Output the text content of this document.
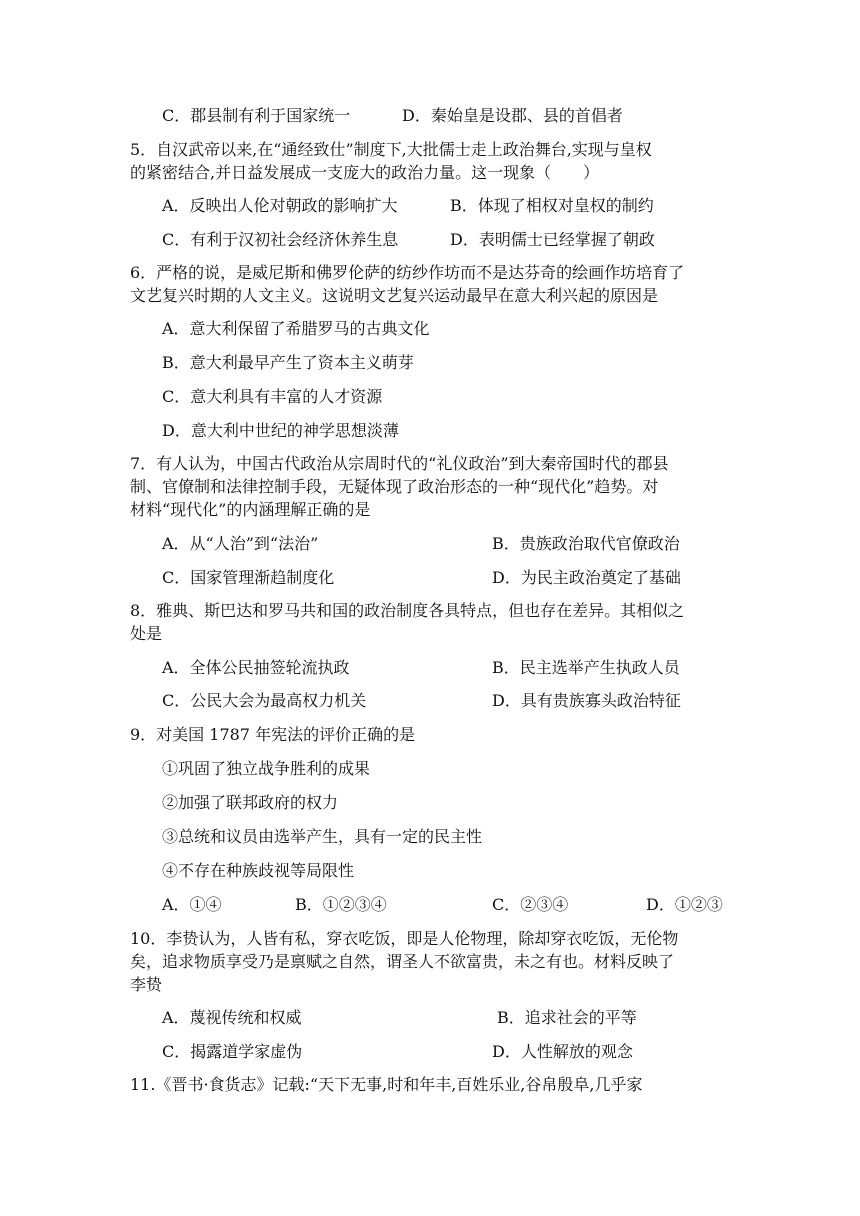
C．郡县制有利于国家统一	D．秦始皇是设郡、县的首倡者
5．自汉武帝以来,在“通经致仕”制度下,大批儒士走上政治舞台,实现与皇权
的紧密结合,并日益发展成一支庞大的政治力量。这一现象（　　）
A．反映出人伦对朝政的影响扩大	B．体现了相权对皇权的制约
C．有利于汉初社会经济休养生息	D．表明儒士已经掌握了朝政
6．严格的说，是威尼斯和佛罗伦萨的纺纱作坊而不是达芬奇的绘画作坊培育了
文艺复兴时期的人文主义。这说明文艺复兴运动最早在意大利兴起的原因是
A．意大利保留了希腊罗马的古典文化
B．意大利最早产生了资本主义萌芽
C．意大利具有丰富的人才资源
D．意大利中世纪的神学思想淡薄
7．有人认为，中国古代政治从宗周时代的“礼仪政治”到大秦帝国时代的郡县
制、官僚制和法律控制手段，无疑体现了政治形态的一种“现代化”趋势。对
材料“现代化”的内涵理解正确的是
A．从“人治”到“法治”	B．贵族政治取代官僚政治
C．国家管理渐趋制度化	D．为民主政治奠定了基础
8．雅典、斯巴达和罗马共和国的政治制度各具特点，但也存在差异。其相似之
处是
A．全体公民抽签轮流执政	B．民主选举产生执政人员
C．公民大会为最高权力机关	D．具有贵族寡头政治特征
9．对美国 1787 年宪法的评价正确的是
①巩固了独立战争胜利的成果
②加强了联邦政府的权力
③总统和议员由选举产生，具有一定的民主性
④不存在种族歧视等局限性
A．①④	B．①②③④	C．②③④	D．①②③
10．李贽认为，人皆有私，穿衣吃饭，即是人伦物理，除却穿衣吃饭，无伦物
矣，追求物质享受乃是禀赋之自然，谓圣人不欲富贵，未之有也。材料反映了
李贽
A．蔑视传统和权威	B．追求社会的平等
C．揭露道学家虚伪	D．人性解放的观念
11.《晋书·食货志》记载:“天下无事,时和年丰,百姓乐业,谷帛殷阜,几乎家
